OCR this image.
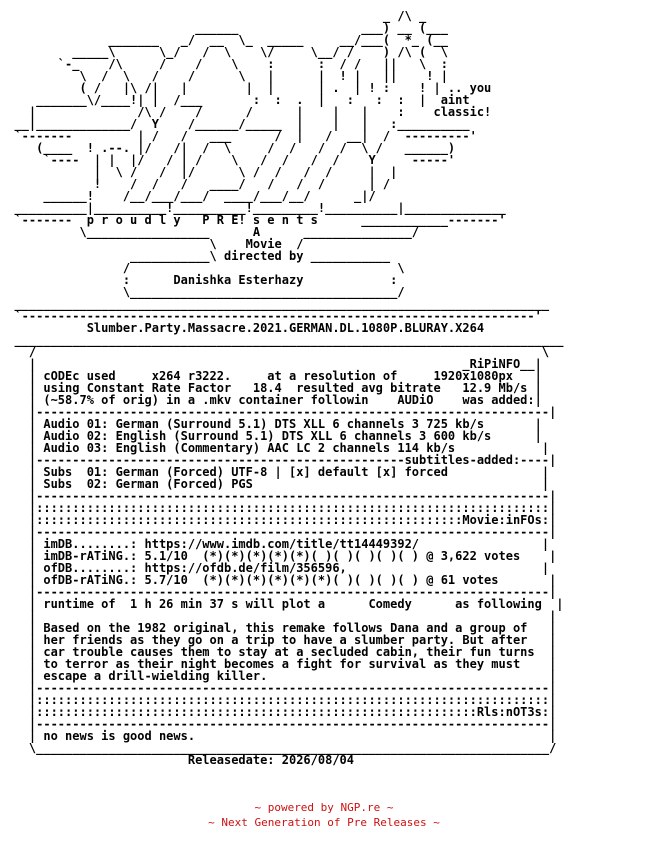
_ /\ _
______                 ___) __ (___
_______   _/  __  \_  _____     __/___(  *_ (__
_____\      \_/   /  \    \/     \__/ /    ) /\ (  \
`-_    /\     /    /    \    :      :  / /   ||   \  :
\  /  \   /    /      \   |      |  ! |   ||    ! |
( /   |\ /|   |        |  |      | .  | ! :    ! | .. you
_______\/____!| |  /___       :  :  .  |   :   :  :  |  aint
|              /\ /    /      /      |    |   |    :    classic!
__|_____________/  Y    /______/_____  |    |   |   :__________
`-------         | /   /   ___      /  |   /  __|  /  ---------'
(____  ! .--. |/   /|  /  \     /  /   /  /  \ /   ______)
`----  | |  |/   / | /    \   /  /   /  /    Y     -----'
|  \ /   /  |/      \ /  /   /  /     |  |
!    /  /   /   ____/   /   /  /      | /
______!    /__/___/___/  ____/___/__/      _|/
__________|__________!__________!_________!__________|______________
`-------  p r o u d l y   P R E! s e n t s      ____________-------'
\_________________      A      _______________/
\    Movie  /
___________\ directed by ___________
/                                     \
:      Danishka Esterhazy            :
\_____________________________________/
__________________________________________________________________________
`-----------------------------------------------------------------------'
Slumber.Party.Massacre.2021.GERMAN.DL.1080P.BLURAY.X264
____________________________________________________________________________
/                                                                      \
|                                                           _RiPiNFO__|
| cODEc used     x264 r3222.     at a resolution of     1920x1080px   |
| using Constant Rate Factor   18.4  resulted avg bitrate   12.9 Mb/s |
| (~58.7% of orig) in a .mkv container followin    AUDiO    was added:|
|-----------------------------------------------------------------------|
| Audio 01: German (Surround 5.1) DTS XLL 6 channels 3 725 kb/s       |
| Audio 02: English (Surround 5.1) DTS XLL 6 channels 3 600 kb/s      |
| Audio 03: English (Commentary) AAC LC 2 channels 114 kb/s            |
|---------------------------------------------------subtitles-added:----|
| Subs  01: German (Forced) UTF-8 | [x] default [x] forced             |
| Subs  02: German (Forced) PGS                                        |
|-----------------------------------------------------------------------|
|:::::::::::::::::::::::::::::::::::::::::::::::::::::::::::::::::::::::|
|:::::::::::::::::::::::::::::::::::::::::::::::::::::::::::Movie:inFOs:|
|-----------------------------------------------------------------------|
| imDB........: https://www.imdb.com/title/tt14449392/                 |
| imDB-rATiNG.: 5.1/10  (*)(*)(*)(*)(*)( )( )( )( )( ) @ 3,622 votes    |
| ofDB........: https://ofdb.de/film/356596,                           |
| ofDB-rATiNG.: 5.7/10  (*)(*)(*)(*)(*)(*)( )( )( )( ) @ 61 votes       |
|-----------------------------------------------------------------------|
| runtime of  1 h 26 min 37 s will plot a      Comedy      as following  |
|                                                                       |
| Based on the 1982 original, this remake follows Dana and a group of   |
| her friends as they go on a trip to have a slumber party. But after   |
| car trouble causes them to stay at a secluded cabin, their fun turns  |
| to terror as their night becomes a fight for survival as they must    |
| escape a drill-wielding killer.                                       |
|-----------------------------------------------------------------------|
|:::::::::::::::::::::::::::::::::::::::::::::::::::::::::::::::::::::::|
|:::::::::::::::::::::::::::::::::::::::::::::::::::::::::::::Rls:nOT3s:|
|-----------------------------------------------------------------------|
| no news is good news.                                                 |
\_______________________________________________________________________/
Releasedate: 2026/08/04
~ powered by NGP.re ~
~ Next Generation of Pre Releases ~
